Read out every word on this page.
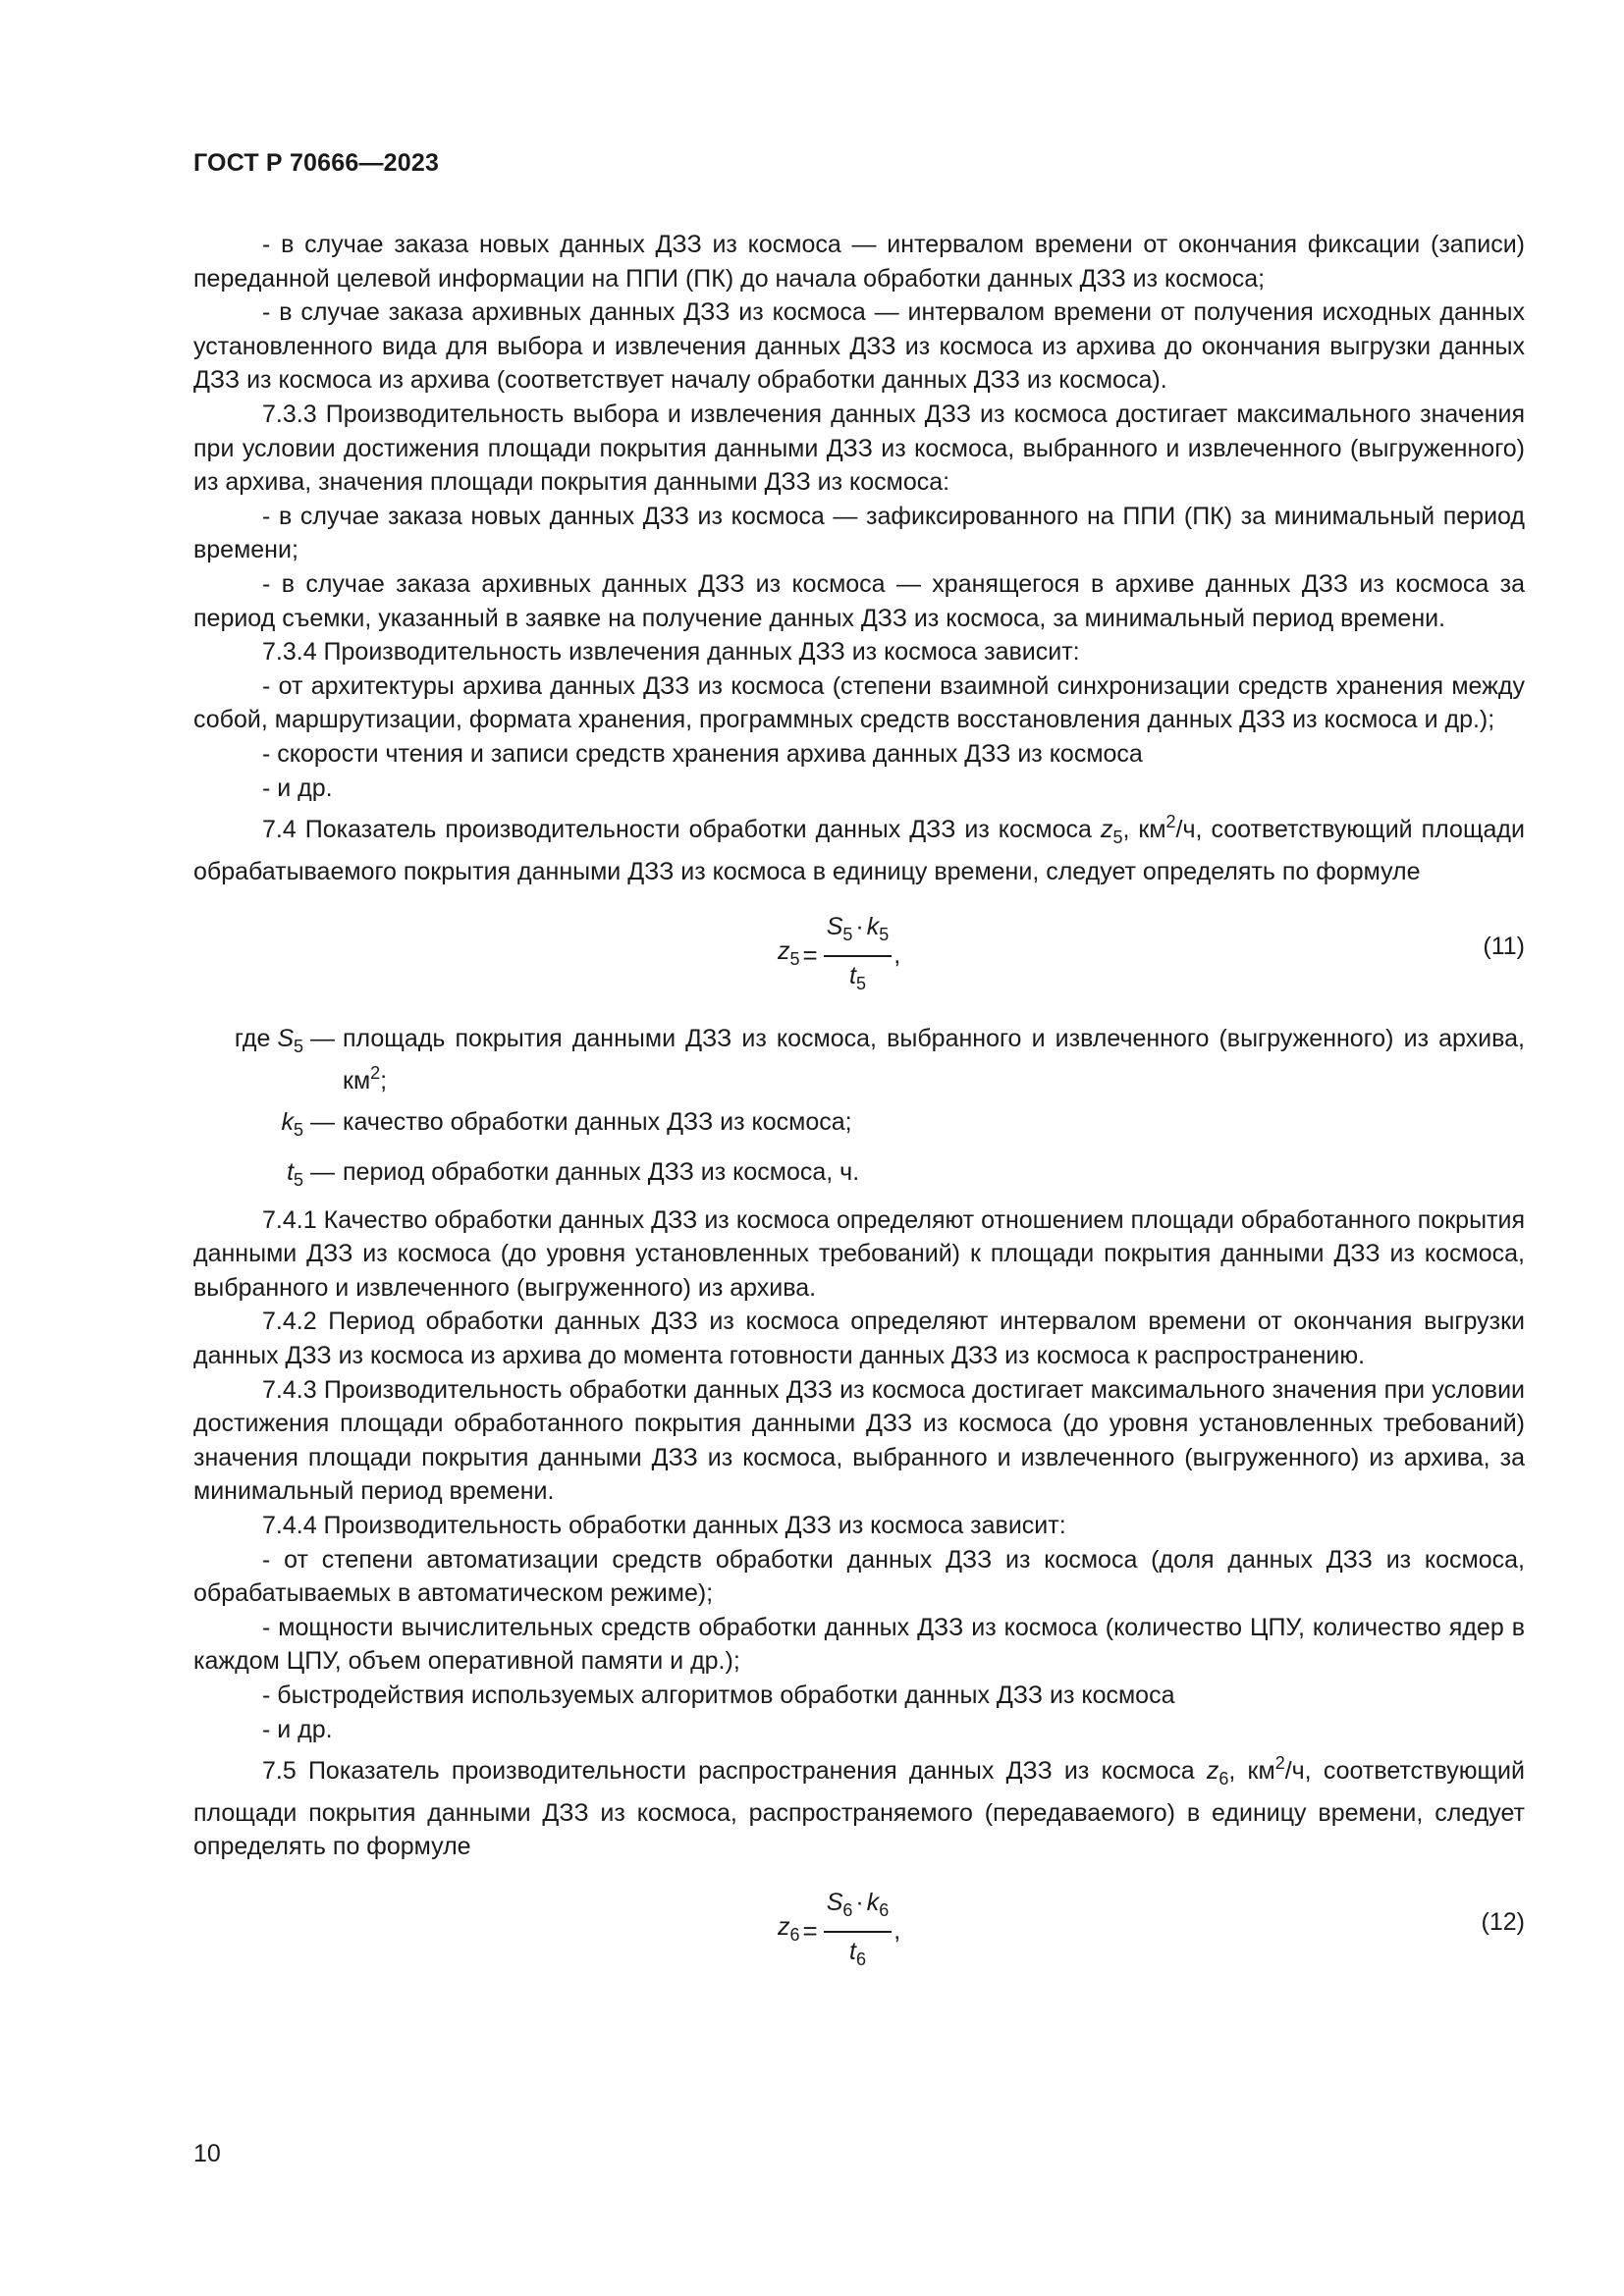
ГОСТ Р 70666—2023

- в случае заказа новых данных ДЗЗ из космоса — интервалом времени от окончания фиксации (записи) переданной целевой информации на ППИ (ПК) до начала обработки данных ДЗЗ из космоса;

- в случае заказа архивных данных ДЗЗ из космоса — интервалом времени от получения исходных данных установленного вида для выбора и извлечения данных ДЗЗ из космоса из архива до окончания выгрузки данных ДЗЗ из космоса из архива (соответствует началу обработки данных ДЗЗ из космоса).

7.3.3 Производительность выбора и извлечения данных ДЗЗ из космоса достигает максимального значения при условии достижения площади покрытия данными ДЗЗ из космоса, выбранного и извлеченного (выгруженного) из архива, значения площади покрытия данными ДЗЗ из космоса:

- в случае заказа новых данных ДЗЗ из космоса — зафиксированного на ППИ (ПК) за минимальный период времени;

- в случае заказа архивных данных ДЗЗ из космоса — хранящегося в архиве данных ДЗЗ из космоса за период съемки, указанный в заявке на получение данных ДЗЗ из космоса, за минимальный период времени.

7.3.4 Производительность извлечения данных ДЗЗ из космоса зависит:

- от архитектуры архива данных ДЗЗ из космоса (степени взаимной синхронизации средств хранения между собой, маршрутизации, формата хранения, программных средств восстановления данных ДЗЗ из космоса и др.);

- скорости чтения и записи средств хранения архива данных ДЗЗ из космоса

- и др.

7.4 Показатель производительности обработки данных ДЗЗ из космоса $z_5$, $км^2/ч$, соответствующий площади обрабатываемого покрытия данными ДЗЗ из космоса в единицу времени, следует определять по формуле

$z_5 = \frac{S_5 \cdot k_5}{t_5}$ ,	(11)
где $S_5$ — площадь покрытия данными ДЗЗ из космоса, выбранного и извлеченного (выгруженного) из архива, $км^2$;
$k_5$ — качество обработки данных ДЗЗ из космоса;
$t_5$ — период обработки данных ДЗЗ из космоса, ч.

7.4.1 Качество обработки данных ДЗЗ из космоса определяют отношением площади обработанного покрытия данными ДЗЗ из космоса (до уровня установленных требований) к площади покрытия данными ДЗЗ из космоса, выбранного и извлеченного (выгруженного) из архива.

7.4.2 Период обработки данных ДЗЗ из космоса определяют интервалом времени от окончания выгрузки данных ДЗЗ из космоса из архива до момента готовности данных ДЗЗ из космоса к распространению.

7.4.3 Производительность обработки данных ДЗЗ из космоса достигает максимального значения при условии достижения площади обработанного покрытия данными ДЗЗ из космоса (до уровня установленных требований) значения площади покрытия данными ДЗЗ из космоса, выбранного и извлеченного (выгруженного) из архива, за минимальный период времени.

7.4.4 Производительность обработки данных ДЗЗ из космоса зависит:

- от степени автоматизации средств обработки данных ДЗЗ из космоса (доля данных ДЗЗ из космоса, обрабатываемых в автоматическом режиме);

- мощности вычислительных средств обработки данных ДЗЗ из космоса (количество ЦПУ, количество ядер в каждом ЦПУ, объем оперативной памяти и др.);

- быстродействия используемых алгоритмов обработки данных ДЗЗ из космоса

- и др.

7.5 Показатель производительности распространения данных ДЗЗ из космоса $z_6$, $км^2/ч$, соответствующий площади покрытия данными ДЗЗ из космоса, распространяемого (передаваемого) в единицу времени, следует определять по формуле

$z_6 = \frac{S_6 \cdot k_6}{t_6}$ ,	(12)
10
